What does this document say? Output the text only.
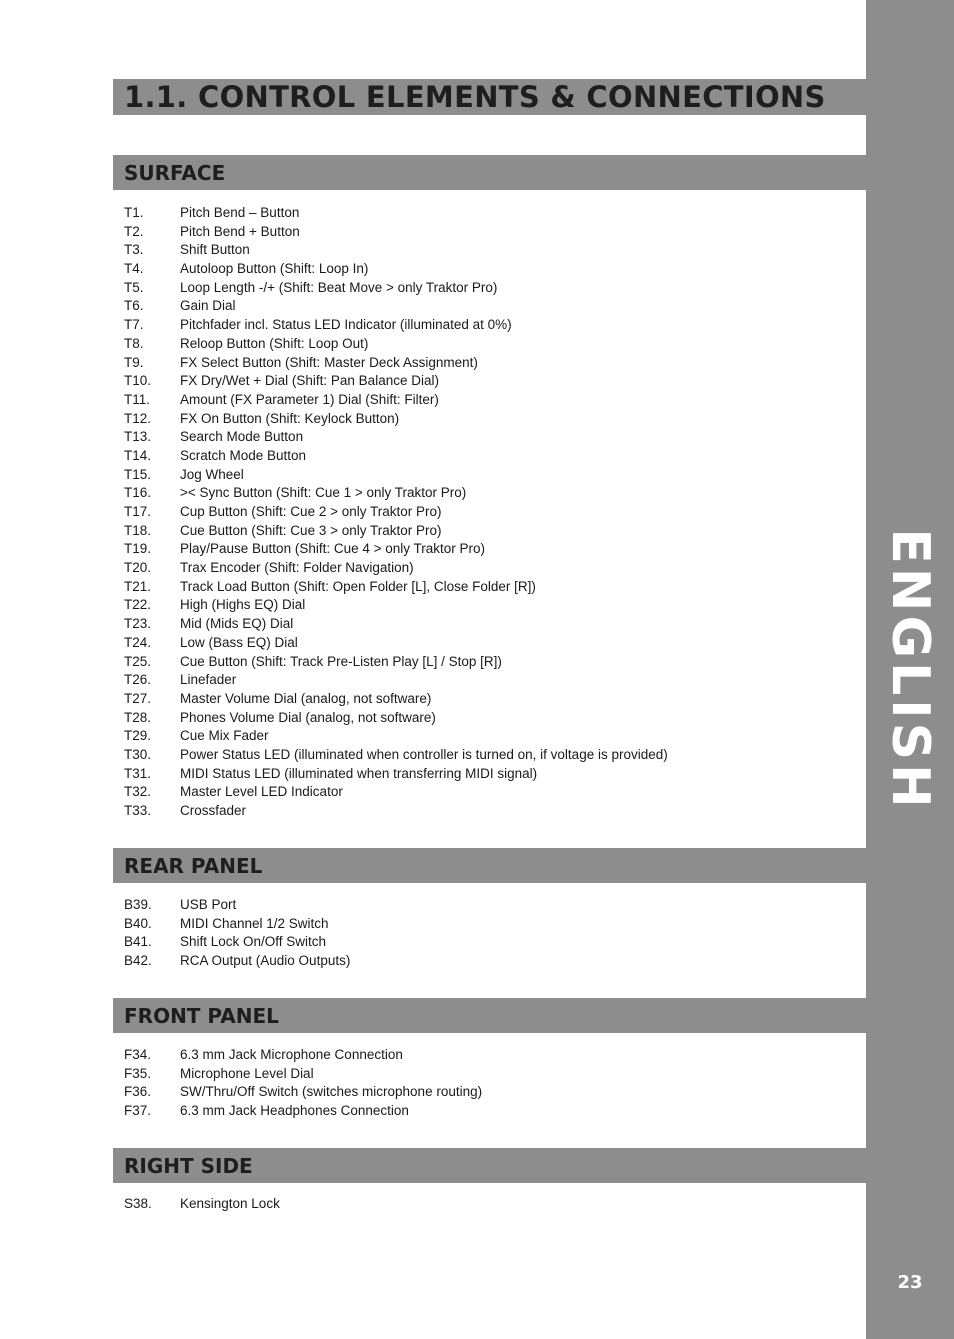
ENGLISH
23
1.1. CONTROL ELEMENTS & CONNECTIONS
SURFACE
T1.	Pitch Bend – Button
T2.	Pitch Bend + Button
T3.	Shift Button
T4.	Autoloop Button (Shift: Loop In)
T5.	Loop Length -/+ (Shift: Beat Move > only Traktor Pro)
T6.	Gain Dial
T7.	Pitchfader incl. Status LED Indicator (illuminated at 0%)
T8.	Reloop Button (Shift: Loop Out)
T9.	FX Select Button (Shift: Master Deck Assignment)
T10. FX Dry/Wet + Dial (Shift: Pan Balance Dial)
T11. Amount (FX Parameter 1) Dial (Shift: Filter)
T12. FX On Button (Shift: Keylock Button)
T13. Search Mode Button
T14. Scratch Mode Button
T15. Jog Wheel
T16. >< Sync Button (Shift: Cue 1 > only Traktor Pro)
T17. Cup Button (Shift: Cue 2 > only Traktor Pro)
T18. Cue Button (Shift: Cue 3 > only Traktor Pro)
T19. Play/Pause Button (Shift: Cue 4 > only Traktor Pro)
T20. Trax Encoder (Shift: Folder Navigation)
T21. Track Load Button (Shift: Open Folder [L], Close Folder [R])
T22. High (Highs EQ) Dial
T23. Mid (Mids EQ) Dial
T24. Low (Bass EQ) Dial
T25. Cue Button (Shift: Track Pre-Listen Play [L] / Stop [R])
T26. Linefader
T27. Master Volume Dial (analog, not software)
T28. Phones Volume Dial (analog, not software)
T29. Cue Mix Fader
T30. Power Status LED (illuminated when controller is turned on, if voltage is provided)
T31. MIDI Status LED (illuminated when transferring MIDI signal)
T32. Master Level LED Indicator
T33. Crossfader
REAR PANEL
B39. USB Port
B40. MIDI Channel 1/2 Switch
B41. Shift Lock On/Off Switch
B42. RCA Output (Audio Outputs)
FRONT PANEL
F34. 6.3 mm Jack Microphone Connection
F35. Microphone Level Dial
F36. SW/Thru/Off Switch (switches microphone routing)
F37. 6.3 mm Jack Headphones Connection
RIGHT SIDE
S38. Kensington Lock
